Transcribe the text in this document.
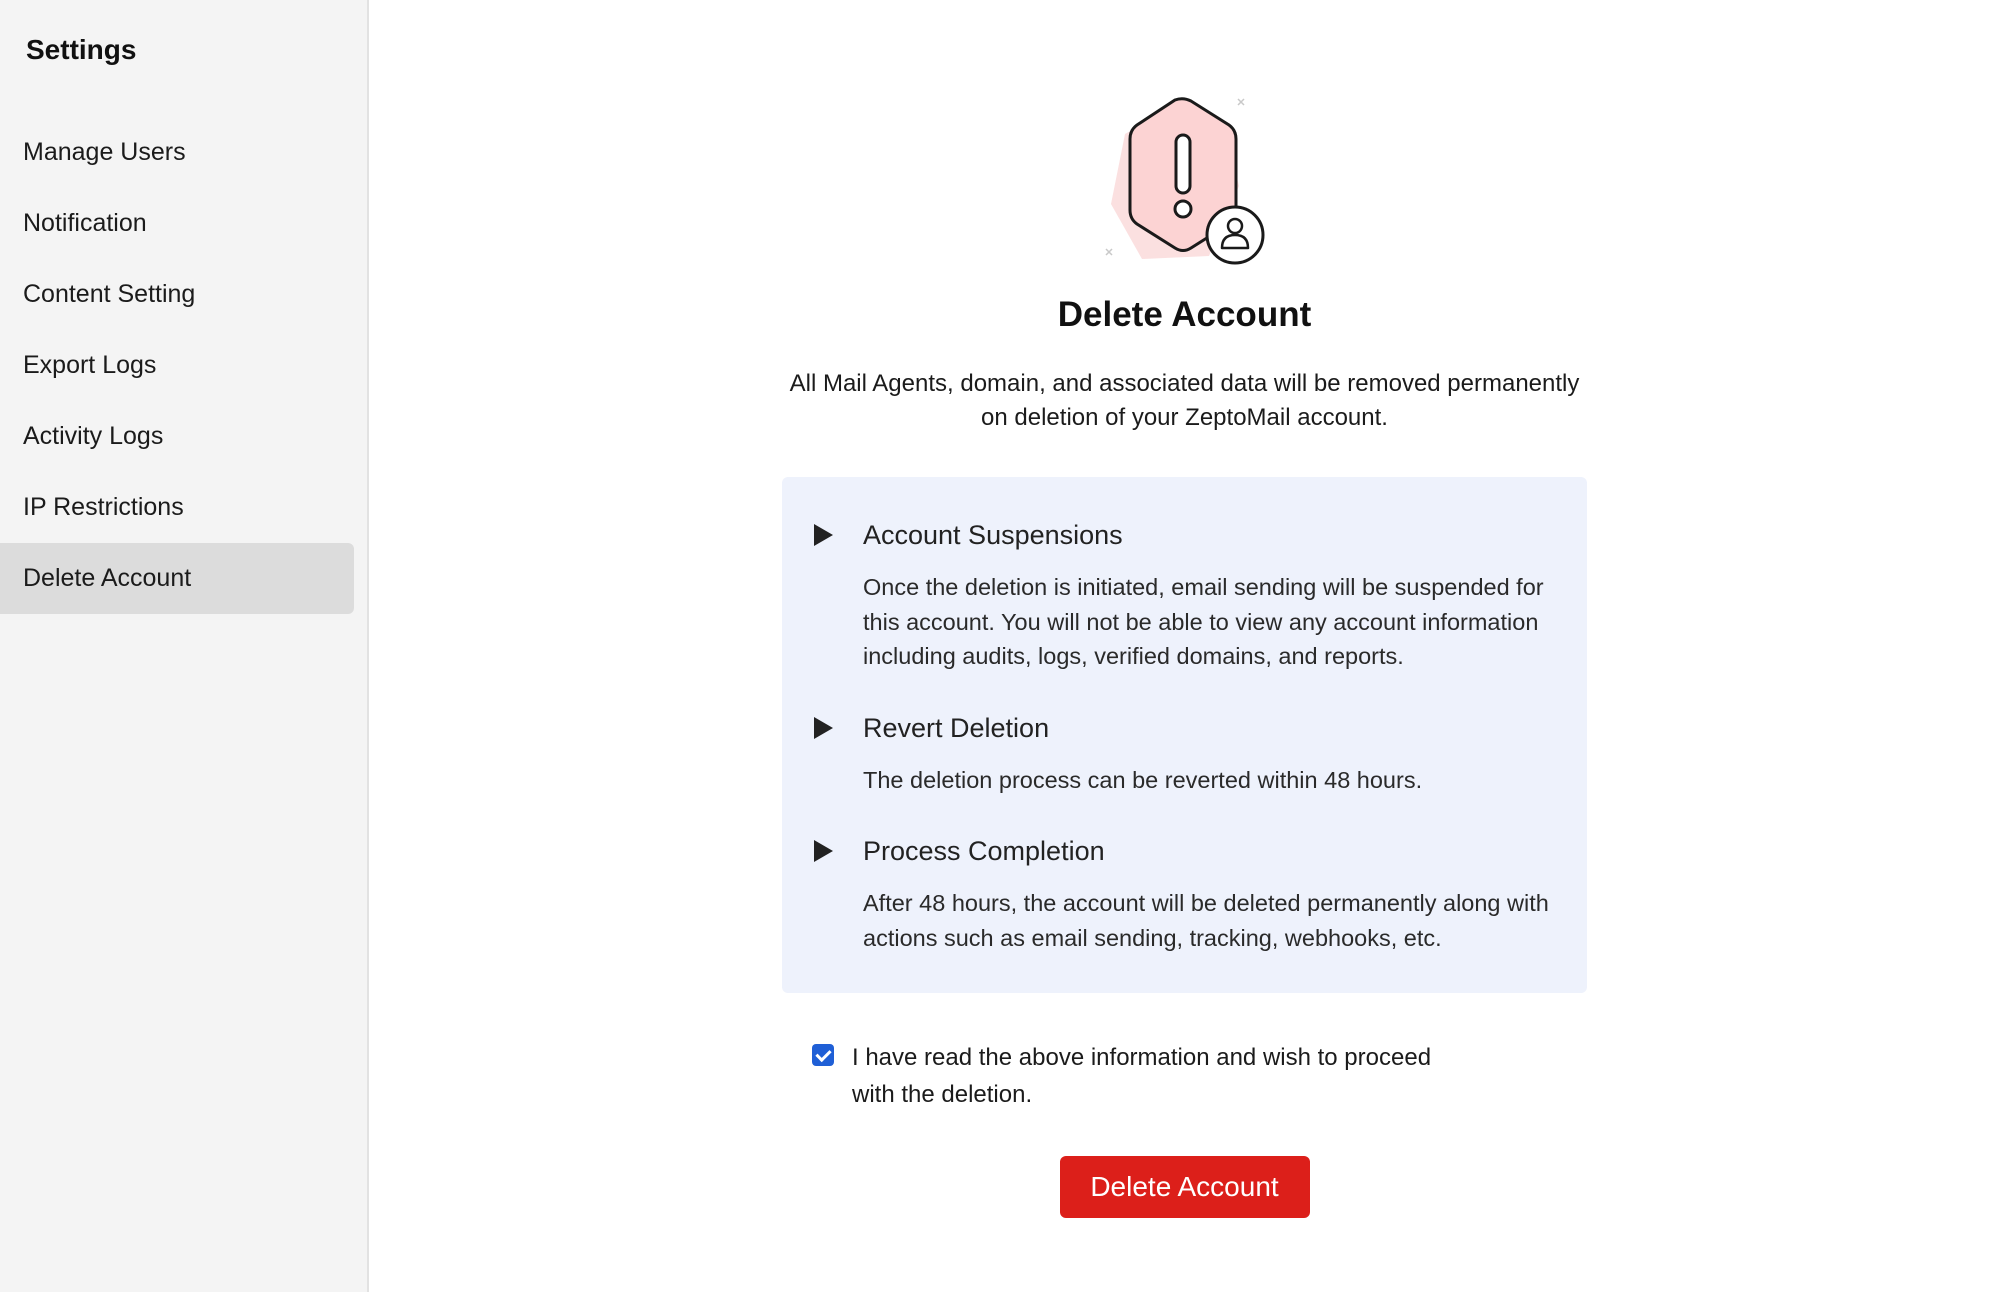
Settings
Manage Users
Notification
Content Setting
Export Logs
Activity Logs
IP Restrictions
Delete Account
Delete Account
All Mail Agents, domain, and associated data will be removed permanently on deletion of your ZeptoMail account.
Account Suspensions
Once the deletion is initiated, email sending will be suspended for this account. You will not be able to view any account information including audits, logs, verified domains, and reports.
Revert Deletion
The deletion process can be reverted within 48 hours.
Process Completion
After 48 hours, the account will be deleted permanently along with actions such as email sending, tracking, webhooks, etc.
I have read the above information and wish to proceed with the deletion.
Delete Account
